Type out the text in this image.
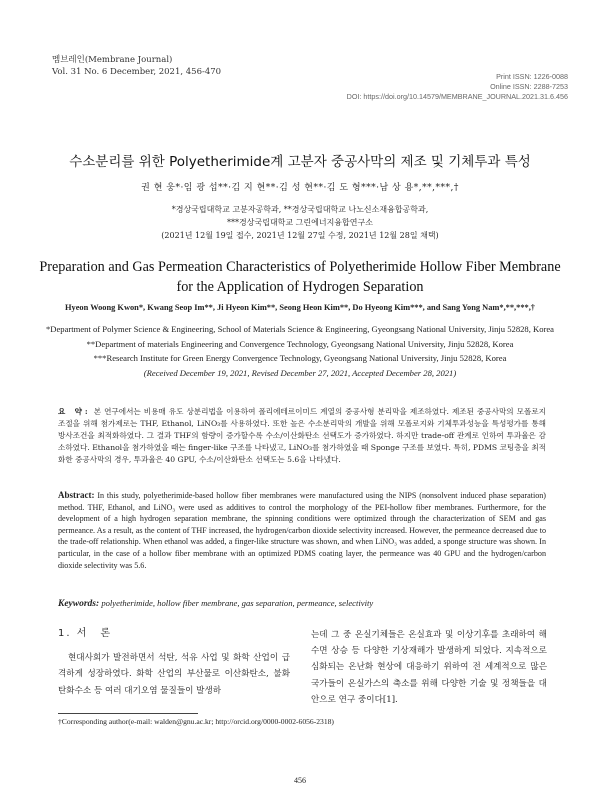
멤브레인(Membrane Journal)
Vol. 31 No. 6 December, 2021, 456-470	Print ISSN: 1226-0088
Online ISSN: 2288-7253
DOI: https://doi.org/10.14579/MEMBRANE_JOURNAL.2021.31.6.456
수소분리를 위한 Polyetherimide계 고분자 중공사막의 제조 및 기체투과 특성
권 현 웅*·임 광 섭**·김 지 현**·김 성 현**·김 도 형***·남 상 용*,**,***,†
*경상국립대학교 고분자공학과, **경상국립대학교 나노신소재융합공학과,
***경상국립대학교 그린에너지융합연구소
(2021년 12월 19일 접수, 2021년 12월 27일 수정, 2021년 12월 28일 채택)
Preparation and Gas Permeation Characteristics of Polyetherimide Hollow Fiber Membrane
for the Application of Hydrogen Separation
Hyeon Woong Kwon*, Kwang Seop Im**, Ji Hyeon Kim**, Seong Heon Kim**, Do Hyeong Kim***, and Sang Yong Nam*,**,***,†
*Department of Polymer Science & Engineering, School of Materials Science & Engineering, Gyeongsang National University, Jinju 52828, Korea
**Department of materials Engineering and Convergence Technology, Gyeongsang National University, Jinju 52828, Korea
***Research Institute for Green Energy Convergence Technology, Gyeongsang National University, Jinju 52828, Korea
(Received December 19, 2021, Revised December 27, 2021, Accepted December 28, 2021)
요 약: 본 연구에서는 비용매 유도 상분리법을 이용하여 폴리에테르이미드 계열의 중공사형 분리막을 제조하였다. 제조된 중공사막의 모폴로지 조절을 위해 첨가제로는 THF, Ethanol, LiNO₃를 사용하였다. 또한 높은 수소분리막의 개발을 위해 모폴로지와 기체투과성능을 특성평가를 통해 방사조건을 최적화하였다. 그 결과 THF의 함량이 증가할수록 수소/이산화탄소 선택도가 증가하였다. 하지만 trade-off 관계로 인하여 투과율은 감소하였다. Ethanol을 첨가하였을 때는 finger-like 구조를 나타냈고, LiNO₃를 첨가하였을 때 Sponge 구조를 보였다. 특히, PDMS 코팅층을 최적화한 중공사막의 경우, 투과율은 40 GPU, 수소/이산화탄소 선택도는 5.6을 나타냈다.
Abstract: In this study, polyetherimide-based hollow fiber membranes were manufactured using the NIPS (nonsolvent induced phase separation) method. THF, Ethanol, and LiNO₃ were used as additives to control the morphology of the PEI-hollow fiber membranes. Furthermore, for the development of a high hydrogen separation membrane, the spinning conditions were optimized through the characterization of SEM and gas permeance. As a result, as the content of THF increased, the hydrogen/carbon dioxide selectivity increased. However, the permeance decreased due to the trade-off relationship. When ethanol was added, a finger-like structure was shown, and when LiNO₃ was added, a sponge structure was shown. In particular, in the case of a hollow fiber membrane with an optimized PDMS coating layer, the permeance was 40 GPU and the hydrogen/carbon dioxide selectivity was 5.6.
Keywords: polyetherimide, hollow fiber membrane, gas separation, permeance, selectivity
1. 서　론
현대사회가 발전하면서 석탄, 석유 사업 및 화학 산업이 급격하게 성장하였다. 화학 산업의 부산물로 이산화탄소, 불화 탄화수소 등 여러 대기오염 물질들이 발생하
는데 그 중 온실기체들은 온실효과 및 이상기후를 초래하여 해수면 상승 등 다양한 기상재해가 발생하게 되었다. 지속적으로 심화되는 온난화 현상에 대응하기 위하여 전 세계적으로 많은 국가들이 온실가스의 축소를 위해 다양한 기술 및 정책들을 대안으로 연구 중이다[1].
†Corresponding author(e-mail: walden@gnu.ac.kr; http://orcid.org/0000-0002-6056-2318)
456
